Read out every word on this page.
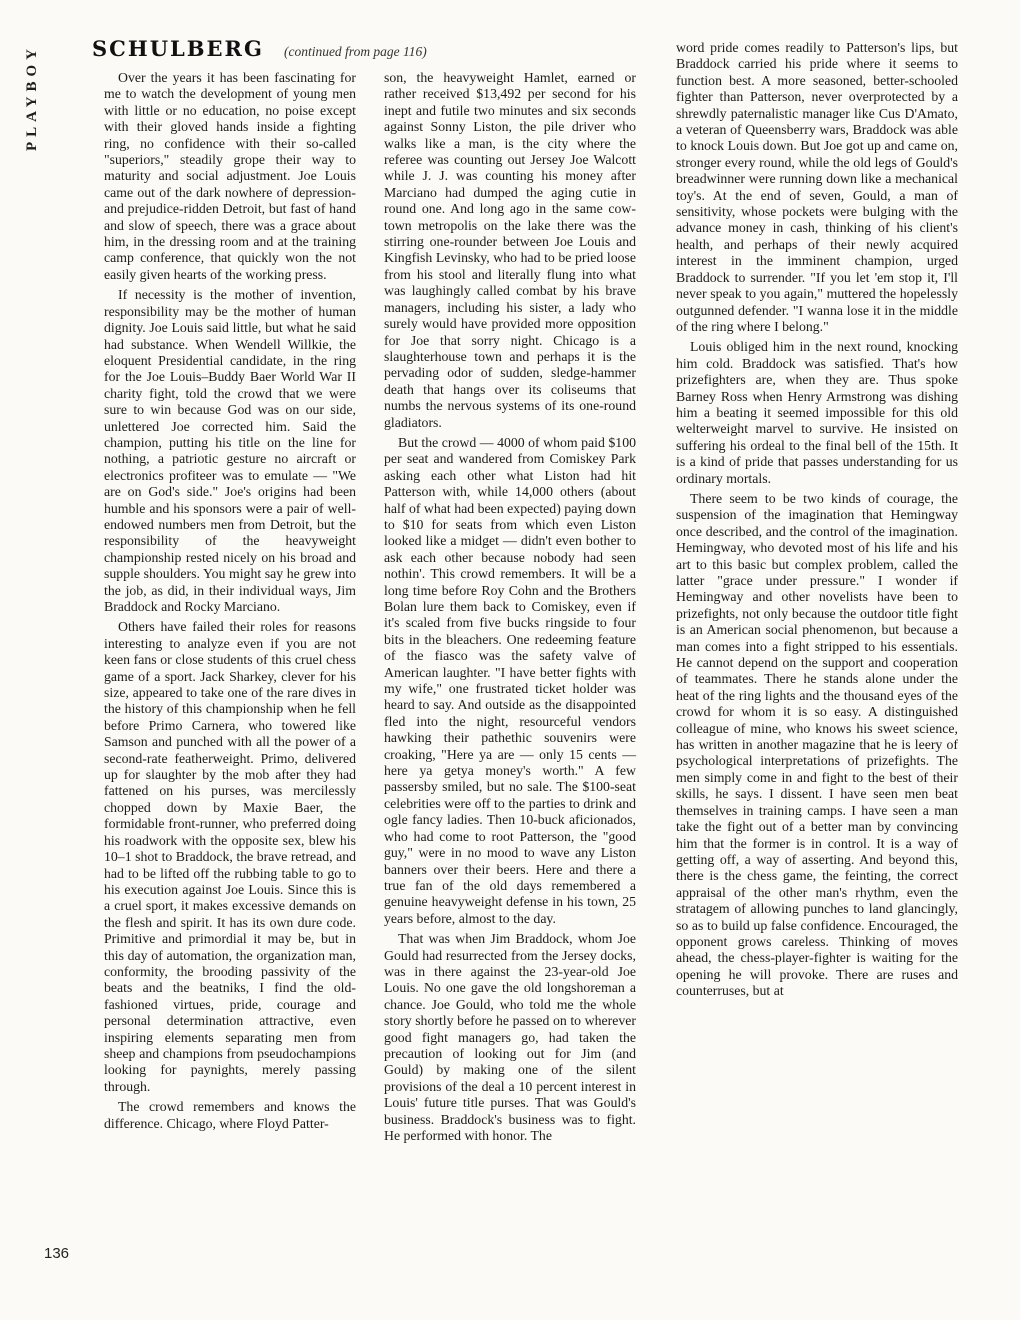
PLAYBOY	SCHULBERG (continued from page 116)

Over the years it has been fascinating for me to watch the development of young men with little or no education, no poise except with their gloved hands inside a fighting ring, no confidence with their so-called "superiors," steadily grope their way to maturity and social adjustment. Joe Louis came out of the dark nowhere of depression- and prejudice-ridden Detroit, but fast of hand and slow of speech, there was a grace about him, in the dressing room and at the training camp conference, that quickly won the not easily given hearts of the working press.

If necessity is the mother of invention, responsibility may be the mother of human dignity. Joe Louis said little, but what he said had substance. When Wendell Willkie, the eloquent Presidential candidate, in the ring for the Joe Louis–Buddy Baer World War II charity fight, told the crowd that we were sure to win because God was on our side, unlettered Joe corrected him. Said the champion, putting his title on the line for nothing, a patriotic gesture no aircraft or electronics profiteer was to emulate — "We are on God's side." Joe's origins had been humble and his sponsors were a pair of well-endowed numbers men from Detroit, but the responsibility of the heavyweight championship rested nicely on his broad and supple shoulders. You might say he grew into the job, as did, in their individual ways, Jim Braddock and Rocky Marciano.

Others have failed their roles for reasons interesting to analyze even if you are not keen fans or close students of this cruel chess game of a sport. Jack Sharkey, clever for his size, appeared to take one of the rare dives in the history of this championship when he fell before Primo Carnera, who towered like Samson and punched with all the power of a second-rate featherweight. Primo, delivered up for slaughter by the mob after they had fattened on his purses, was mercilessly chopped down by Maxie Baer, the formidable front-runner, who preferred doing his roadwork with the opposite sex, blew his 10–1 shot to Braddock, the brave retread, and had to be lifted off the rubbing table to go to his execution against Joe Louis. Since this is a cruel sport, it makes excessive demands on the flesh and spirit. It has its own dure code. Primitive and primordial it may be, but in this day of automation, the organization man, conformity, the brooding passivity of the beats and the beatniks, I find the old-fashioned virtues, pride, courage and personal determination attractive, even inspiring elements separating men from sheep and champions from pseudochampions looking for paynights, merely passing through.

The crowd remembers and knows the difference. Chicago, where Floyd Patter-

son, the heavyweight Hamlet, earned or rather received $13,492 per second for his inept and futile two minutes and six seconds against Sonny Liston, the pile driver who walks like a man, is the city where the referee was counting out Jersey Joe Walcott while J. J. was counting his money after Marciano had dumped the aging cutie in round one. And long ago in the same cow-town metropolis on the lake there was the stirring one-rounder between Joe Louis and Kingfish Levinsky, who had to be pried loose from his stool and literally flung into what was laughingly called combat by his brave managers, including his sister, a lady who surely would have provided more opposition for Joe that sorry night. Chicago is a slaughterhouse town and perhaps it is the pervading odor of sudden, sledge-hammer death that hangs over its coliseums that numbs the nervous systems of its one-round gladiators.

But the crowd — 4000 of whom paid $100 per seat and wandered from Comiskey Park asking each other what Liston had hit Patterson with, while 14,000 others (about half of what had been expected) paying down to $10 for seats from which even Liston looked like a midget — didn't even bother to ask each other because nobody had seen nothin'. This crowd remembers. It will be a long time before Roy Cohn and the Brothers Bolan lure them back to Comiskey, even if it's scaled from five bucks ringside to four bits in the bleachers. One redeeming feature of the fiasco was the safety valve of American laughter. "I have better fights with my wife," one frustrated ticket holder was heard to say. And outside as the disappointed fled into the night, resourceful vendors hawking their pathethic souvenirs were croaking, "Here ya are — only 15 cents — here ya getya money's worth." A few passersby smiled, but no sale. The $100-seat celebrities were off to the parties to drink and ogle fancy ladies. Then 10-buck aficionados, who had come to root Patterson, the "good guy," were in no mood to wave any Liston banners over their beers. Here and there a true fan of the old days remembered a genuine heavyweight defense in his town, 25 years before, almost to the day.

That was when Jim Braddock, whom Joe Gould had resurrected from the Jersey docks, was in there against the 23-year-old Joe Louis. No one gave the old longshoreman a chance. Joe Gould, who told me the whole story shortly before he passed on to wherever good fight managers go, had taken the precaution of looking out for Jim (and Gould) by making one of the silent provisions of the deal a 10 percent interest in Louis' future title purses. That was Gould's business. Braddock's business was to fight. He performed with honor. The

word pride comes readily to Patterson's lips, but Braddock carried his pride where it seems to function best. A more seasoned, better-schooled fighter than Patterson, never overprotected by a shrewdly paternalistic manager like Cus D'Amato, a veteran of Queensberry wars, Braddock was able to knock Louis down. But Joe got up and came on, stronger every round, while the old legs of Gould's breadwinner were running down like a mechanical toy's. At the end of seven, Gould, a man of sensitivity, whose pockets were bulging with the advance money in cash, thinking of his client's health, and perhaps of their newly acquired interest in the imminent champion, urged Braddock to surrender. "If you let 'em stop it, I'll never speak to you again," muttered the hopelessly outgunned defender. "I wanna lose it in the middle of the ring where I belong."

Louis obliged him in the next round, knocking him cold. Braddock was satisfied. That's how prizefighters are, when they are. Thus spoke Barney Ross when Henry Armstrong was dishing him a beating it seemed impossible for this old welterweight marvel to survive. He insisted on suffering his ordeal to the final bell of the 15th. It is a kind of pride that passes understanding for us ordinary mortals.

There seem to be two kinds of courage, the suspension of the imagination that Hemingway once described, and the control of the imagination. Hemingway, who devoted most of his life and his art to this basic but complex problem, called the latter "grace under pressure." I wonder if Hemingway and other novelists have been to prizefights, not only because the outdoor title fight is an American social phenomenon, but because a man comes into a fight stripped to his essentials. He cannot depend on the support and cooperation of teammates. There he stands alone under the heat of the ring lights and the thousand eyes of the crowd for whom it is so easy. A distinguished colleague of mine, who knows his sweet science, has written in another magazine that he is leery of psychological interpretations of prizefights. The men simply come in and fight to the best of their skills, he says. I dissent. I have seen men beat themselves in training camps. I have seen a man take the fight out of a better man by convincing him that the former is in control. It is a way of getting off, a way of asserting. And beyond this, there is the chess game, the feinting, the correct appraisal of the other man's rhythm, even the stratagem of allowing punches to land glancingly, so as to build up false confidence. Encouraged, the opponent grows careless. Thinking of moves ahead, the chess-player-fighter is waiting for the opening he will provoke. There are ruses and counterruses, but at

136
